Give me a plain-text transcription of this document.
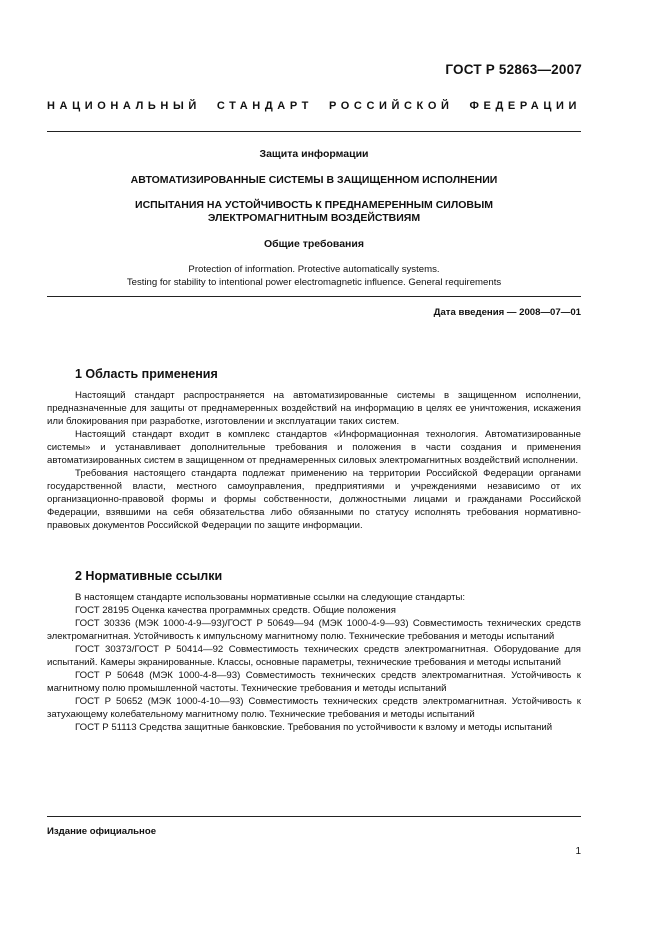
ГОСТ Р 52863—2007
НАЦИОНАЛЬНЫЙ СТАНДАРТ РОССИЙСКОЙ ФЕДЕРАЦИИ
Защита информации
АВТОМАТИЗИРОВАННЫЕ СИСТЕМЫ В ЗАЩИЩЕННОМ ИСПОЛНЕНИИ
ИСПЫТАНИЯ НА УСТОЙЧИВОСТЬ К ПРЕДНАМЕРЕННЫМ СИЛОВЫМ
ЭЛЕКТРОМАГНИТНЫМ ВОЗДЕЙСТВИЯМ
Общие требования
Protection of information. Protective automatically systems.
Testing for stability to intentional power electromagnetic influence. General requirements
Дата введения — 2008—07—01
1 Область применения

Настоящий стандарт распространяется на автоматизированные системы в защищенном исполнении, предназначенные для защиты от преднамеренных воздействий на информацию в целях ее уничтожения, искажения или блокирования при разработке, изготовлении и эксплуатации таких систем.

Настоящий стандарт входит в комплекс стандартов «Информационная технология. Автоматизированные системы» и устанавливает дополнительные требования и положения в части создания и применения автоматизированных систем в защищенном от преднамеренных силовых электромагнитных воздействий исполнении.

Требования настоящего стандарта подлежат применению на территории Российской Федерации органами государственной власти, местного самоуправления, предприятиями и учреждениями независимо от их организационно-правовой формы и формы собственности, должностными лицами и гражданами Российской Федерации, взявшими на себя обязательства либо обязанными по статусу исполнять требования нормативно-правовых документов Российской Федерации по защите информации.

2 Нормативные ссылки

В настоящем стандарте использованы нормативные ссылки на следующие стандарты:

ГОСТ 28195 Оценка качества программных средств. Общие положения

ГОСТ 30336 (МЭК 1000-4-9—93)/ГОСТ Р 50649—94 (МЭК 1000-4-9—93) Совместимость технических средств электромагнитная. Устойчивость к импульсному магнитному полю. Технические требования и методы испытаний

ГОСТ 30373/ГОСТ Р 50414—92 Совместимость технических средств электромагнитная. Оборудование для испытаний. Камеры экранированные. Классы, основные параметры, технические требования и методы испытаний

ГОСТ Р 50648 (МЭК 1000-4-8—93) Совместимость технических средств электромагнитная. Устойчивость к магнитному полю промышленной частоты. Технические требования и методы испытаний

ГОСТ Р 50652 (МЭК 1000-4-10—93) Совместимость технических средств электромагнитная. Устойчивость к затухающему колебательному магнитному полю. Технические требования и методы испытаний

ГОСТ Р 51113 Средства защитные банковские. Требования по устойчивости к взлому и методы испытаний

Издание официальное
1
